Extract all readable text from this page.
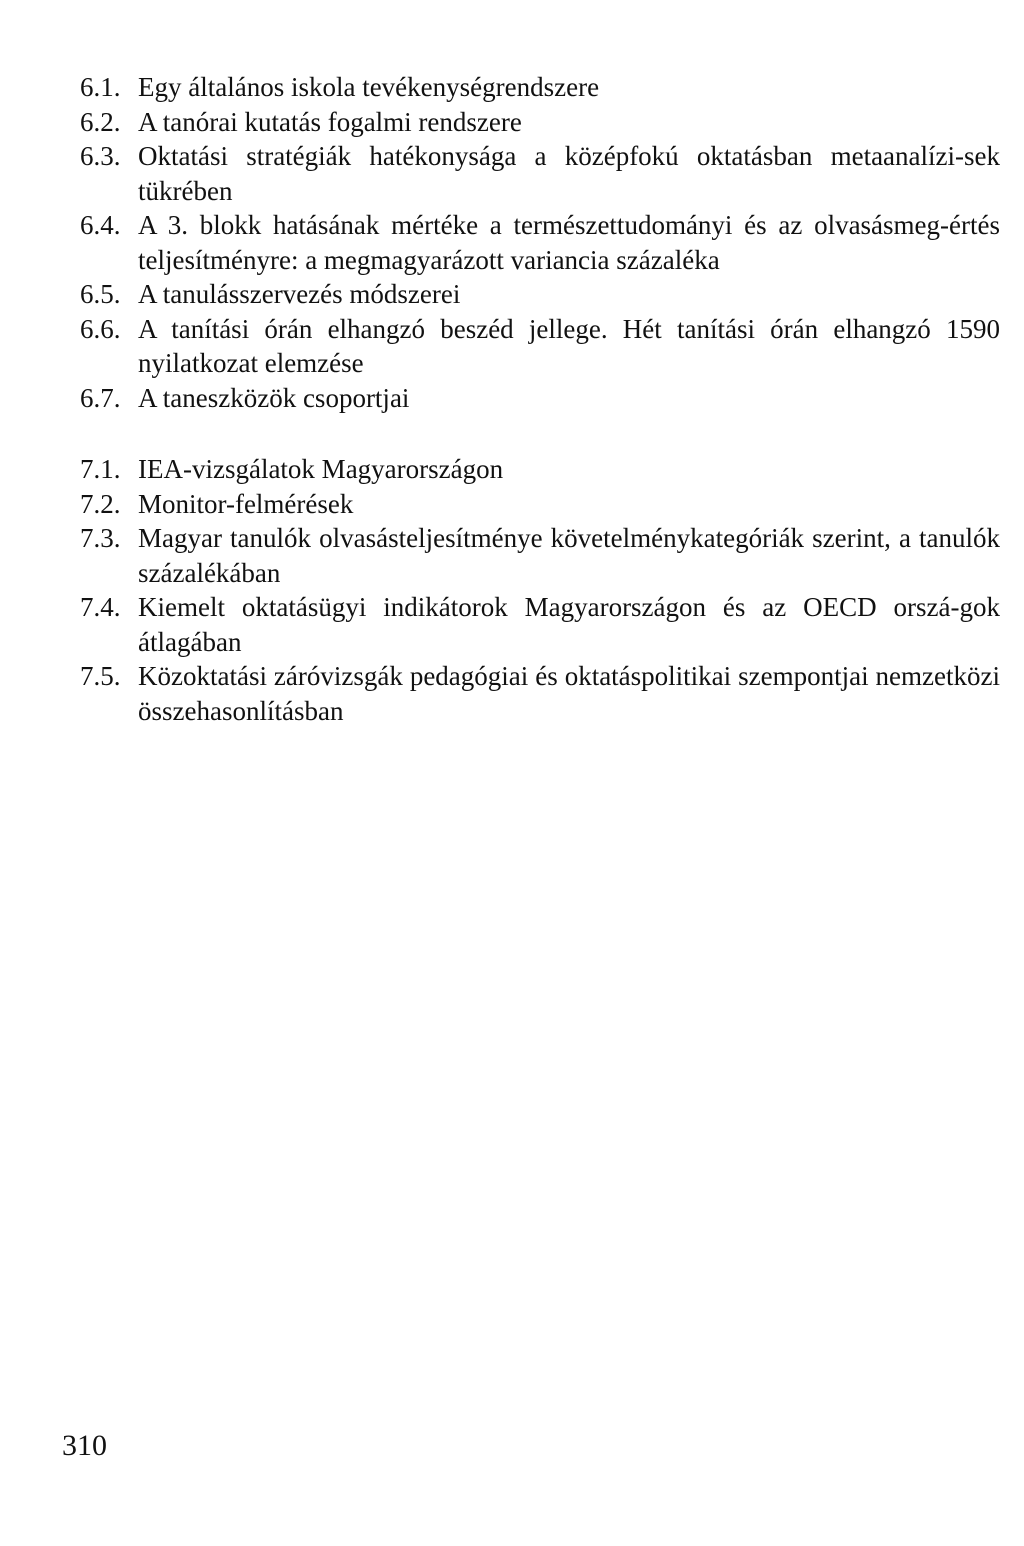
6.1. Egy általános iskola tevékenységrendszere
6.2. A tanórai kutatás fogalmi rendszere
6.3. Oktatási stratégiák hatékonysága a középfokú oktatásban metaanalízi-sek tükrében
6.4. A 3. blokk hatásának mértéke a természettudományi és az olvasásmeg-értés teljesítményre: a megmagyarázott variancia százaléka
6.5. A tanulásszervezés módszerei
6.6. A tanítási órán elhangzó beszéd jellege. Hét tanítási órán elhangzó 1590 nyilatkozat elemzése
6.7. A taneszközök csoportjai
7.1. IEA-vizsgálatok Magyarországon
7.2. Monitor-felmérések
7.3. Magyar tanulók olvasásteljesítménye követelménykategóriák szerint, a tanulók százalékában
7.4. Kiemelt oktatásügyi indikátorok Magyarországon és az OECD orszá-gok átlagában
7.5. Közoktatási záróvizsgák pedagógiai és oktatáspolitikai szempontjai nemzetközi összehasonlításban
310
